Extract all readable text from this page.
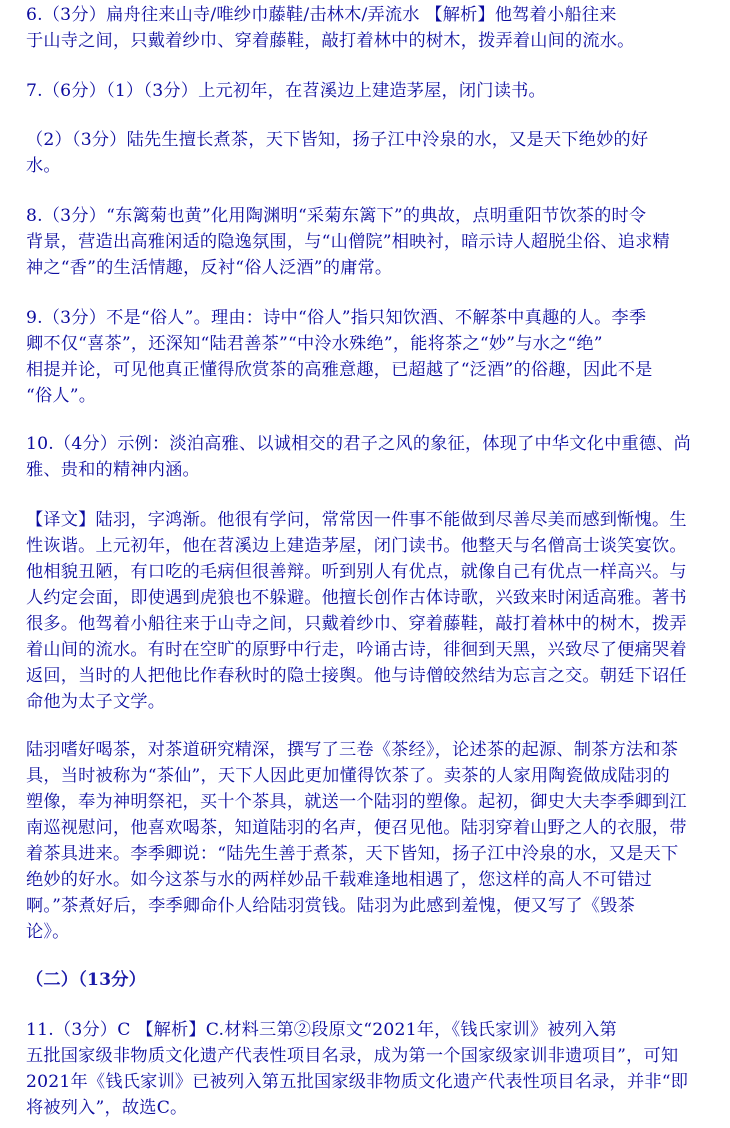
6.（3分）扁舟往来山寺/唯纱巾藤鞋/击林木/弄流水 【解析】他驾着小船往来
于山寺之间，只戴着纱巾、穿着藤鞋，敲打着林中的树木，拨弄着山间的流水。
7.（6分）（1）（3分）上元初年，在苕溪边上建造茅屋，闭门读书。
（2）（3分）陆先生擅长煮茶，天下皆知，扬子江中泠泉的水，又是天下绝妙的好
水。
8.（3分）“东篱菊也黄”化用陶渊明“采菊东篱下”的典故，点明重阳节饮茶的时令
背景，营造出高雅闲适的隐逸氛围，与“山僧院”相映衬，暗示诗人超脱尘俗、追求精
神之“香”的生活情趣，反衬“俗人泛酒”的庸常。
9.（3分）不是“俗人”。理由：诗中“俗人”指只知饮酒、不解茶中真趣的人。李季
卿不仅“喜茶”，还深知“陆君善茶”“中泠水殊绝”，能将茶之“妙”与水之“绝”
相提并论，可见他真正懂得欣赏茶的高雅意趣，已超越了“泛酒”的俗趣，因此不是
“俗人”。
10.（4分）示例：淡泊高雅、以诚相交的君子之风的象征，体现了中华文化中重德、尚
雅、贵和的精神内涵。
【译文】陆羽，字鸿渐。他很有学问，常常因一件事不能做到尽善尽美而感到惭愧。生
性诙谐。上元初年，他在苕溪边上建造茅屋，闭门读书。他整天与名僧高士谈笑宴饮。
他相貌丑陋，有口吃的毛病但很善辩。听到别人有优点，就像自己有优点一样高兴。与
人约定会面，即使遇到虎狼也不躲避。他擅长创作古体诗歌，兴致来时闲适高雅。著书
很多。他驾着小船往来于山寺之间，只戴着纱巾、穿着藤鞋，敲打着林中的树木，拨弄
着山间的流水。有时在空旷的原野中行走，吟诵古诗，徘徊到天黑，兴致尽了便痛哭着
返回，当时的人把他比作春秋时的隐士接舆。他与诗僧皎然结为忘言之交。朝廷下诏任
命他为太子文学。
陆羽嗜好喝茶，对茶道研究精深，撰写了三卷《茶经》，论述茶的起源、制茶方法和茶
具，当时被称为“茶仙”，天下人因此更加懂得饮茶了。卖茶的人家用陶瓷做成陆羽的
塑像，奉为神明祭祀，买十个茶具，就送一个陆羽的塑像。起初，御史大夫李季卿到江
南巡视慰问，他喜欢喝茶，知道陆羽的名声，便召见他。陆羽穿着山野之人的衣服，带
着茶具进来。李季卿说：“陆先生善于煮茶，天下皆知，扬子江中泠泉的水，又是天下
绝妙的好水。如今这茶与水的两样妙品千载难逢地相遇了，您这样的高人不可错过
啊。”茶煮好后，李季卿命仆人给陆羽赏钱。陆羽为此感到羞愧，便又写了《毁茶
论》。
（二）（13分）
11.（3分）C 【解析】C.材料三第②段原文“2021年，《钱氏家训》被列入第
五批国家级非物质文化遗产代表性项目名录，成为第一个国家级家训非遗项目”，可知
2021年《钱氏家训》已被列入第五批国家级非物质文化遗产代表性项目名录，并非“即
将被列入”，故选C。
